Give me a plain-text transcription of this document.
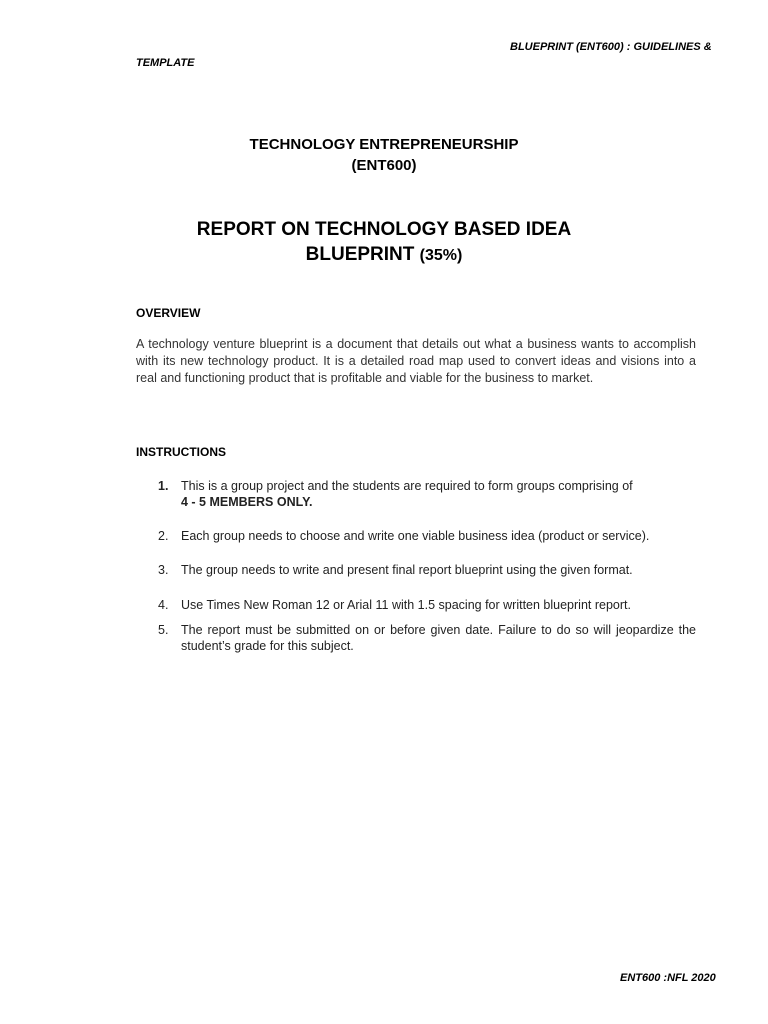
BLUEPRINT (ENT600) : GUIDELINES &
TEMPLATE
TECHNOLOGY ENTREPRENEURSHIP
(ENT600)
REPORT ON TECHNOLOGY BASED IDEA
BLUEPRINT (35%)
OVERVIEW
A technology venture blueprint is a document that details out what a business wants to accomplish with its new technology product. It is a detailed road map used to convert ideas and visions into a real and functioning product that is profitable and viable for the business to market.
INSTRUCTIONS
1.	This is a group project and the students are required to form groups comprising of
4 - 5 MEMBERS ONLY.
2.	Each group needs to choose and write one viable business idea (product or service).
3.	The group needs to write and present final report blueprint using the given format.
4.	Use Times New Roman 12 or Arial 11 with 1.5 spacing for written blueprint report.
5.	The report must be submitted on or before given date. Failure to do so will jeopardize the student’s grade for this subject.
ENT600 :NFL 2020
